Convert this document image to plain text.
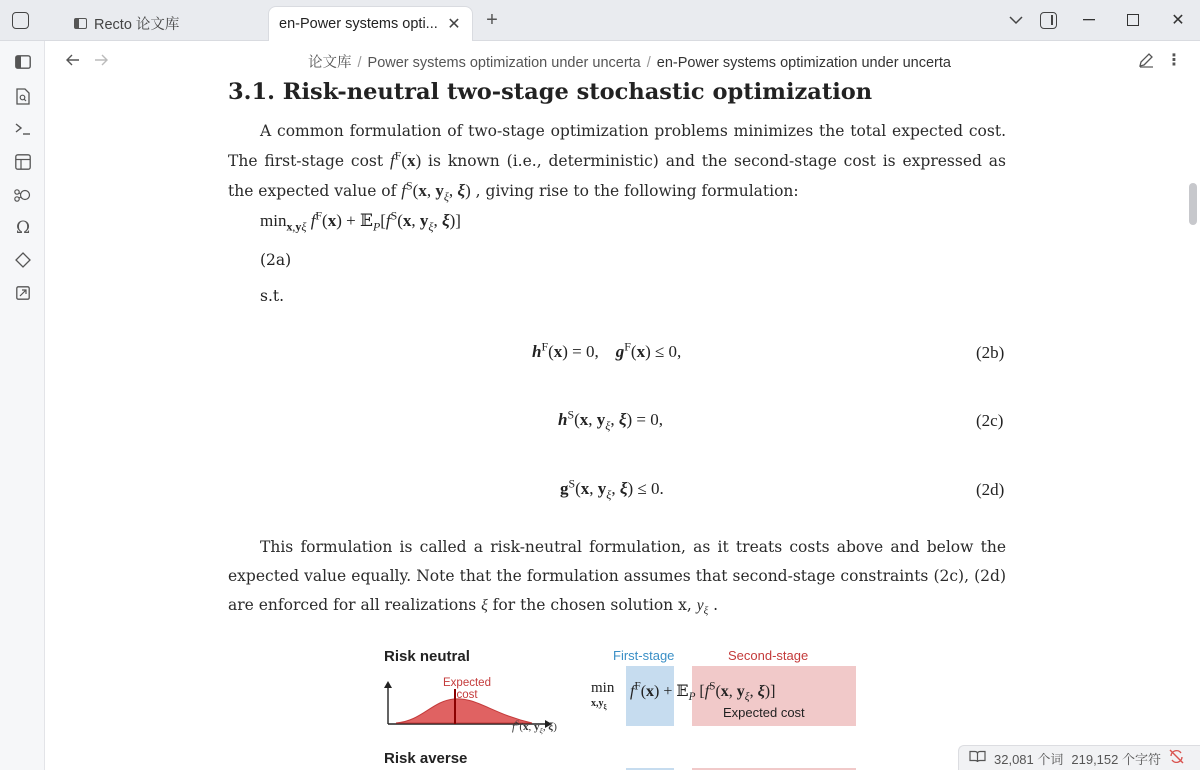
Recto 论文库	en-Power systems opti... ✕ +	✕
Ω
论文库 / Power systems optimization under uncerta / en-Power systems optimization under uncerta	⋮
3.1. Risk-neutral two-stage stochastic optimization
A common formulation of two-stage optimization problems minimizes the total expected cost. The first-stage cost $f^F(x)$ is known (i.e., deterministic) and the second-stage cost is expressed as the expected value of $f^S(x$, $y_\xi$, ξ) , giving rise to the following formulation:
$\min_{x,y\xi} f^F(x)$ + $𝔼_P[f^S(x$, $y_\xi$, ξ)]
(2a)
s.t.
$h^F(x) = 0$,    $g^F(x) \le 0$,	(2b)
$h^S(x$, $y_\xi$, ξ) = 0,	(2c)
$g^S(x$, $y_\xi$, ξ) ≤ 0.	(2d)
This formulation is called a risk-neutral formulation, as it treats costs above and below the expected value equally. Note that the formulation assumes that second-stage constraints (2c), (2d) are enforced for all realizations ξ for the chosen solution x, $y_\xi$ .
Risk neutral
Expected cost
$f^S(x$, $y_\xi$, ξ)
First-stage	Second-stage
min
$x,y_\xi$
$f^F(x)$ + 𝔼$_P$ [$f^S(x$, $y_\xi$, ξ)]
Expected cost
Risk averse	32,081 个词 219,152 个字符
